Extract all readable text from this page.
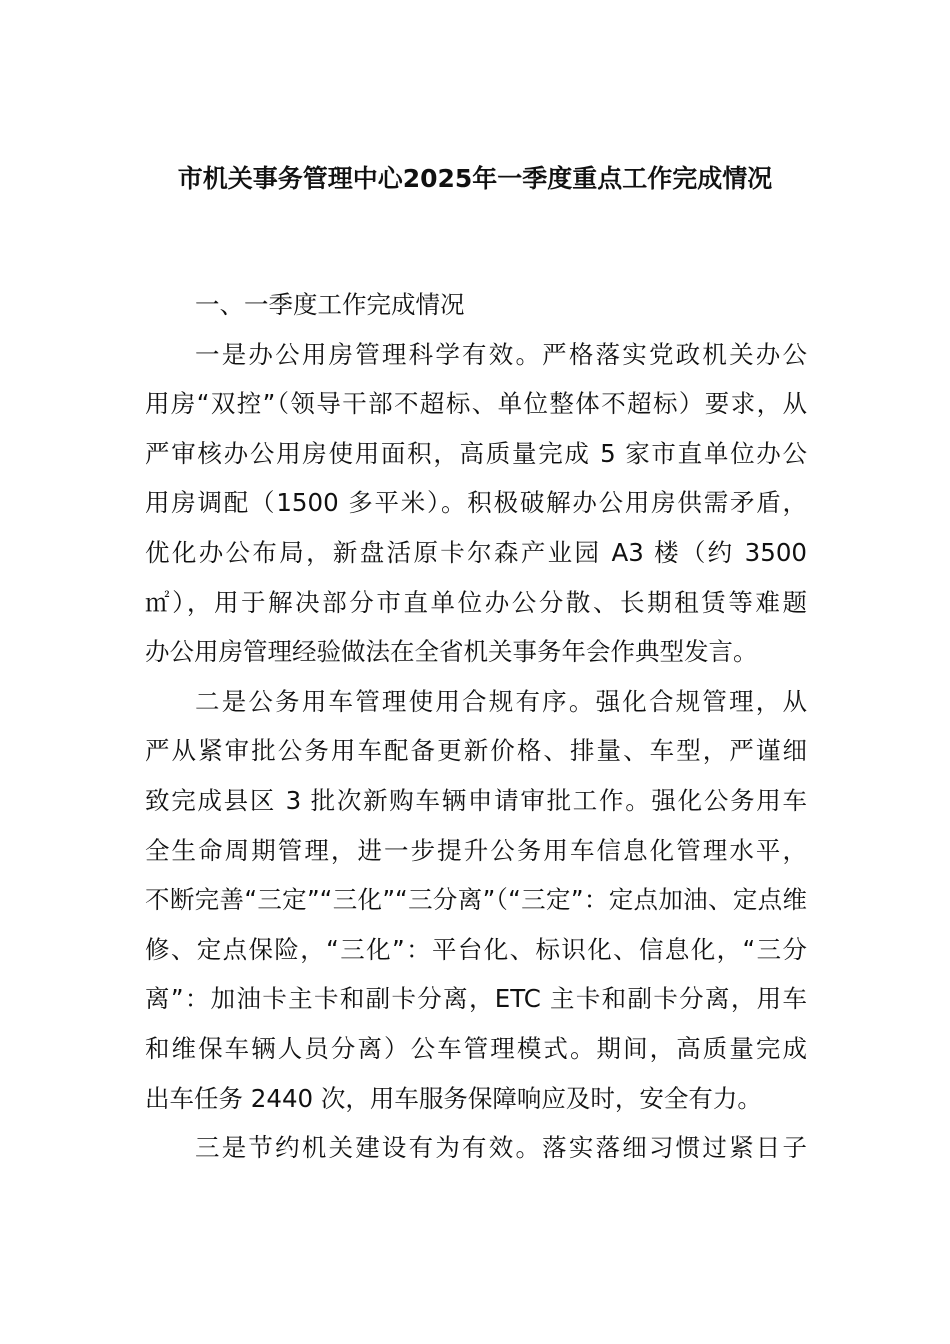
市机关事务管理中心2025年一季度重点工作完成情况
一、一季度工作完成情况
一是办公用房管理科学有效。严格落实党政机关办公
用房“双控”（领导干部不超标、单位整体不超标）要求，从
严审核办公用房使用面积，高质量完成 5 家市直单位办公
用房调配（1500 多平米）。积极破解办公用房供需矛盾，
优化办公布局，新盘活原卡尔森产业园 A3 楼（约 3500
㎡），用于解决部分市直单位办公分散、长期租赁等难题
办公用房管理经验做法在全省机关事务年会作典型发言。
二是公务用车管理使用合规有序。强化合规管理，从
严从紧审批公务用车配备更新价格、排量、车型，严谨细
致完成县区 3 批次新购车辆申请审批工作。强化公务用车
全生命周期管理，进一步提升公务用车信息化管理水平，
不断完善“三定”“三化”“三分离”（“三定”：定点加油、定点维
修、定点保险，“三化”：平台化、标识化、信息化，“三分
离”：加油卡主卡和副卡分离，ETC 主卡和副卡分离，用车
和维保车辆人员分离）公车管理模式。期间，高质量完成
出车任务 2440 次，用车服务保障响应及时，安全有力。
三是节约机关建设有为有效。落实落细习惯过紧日子
